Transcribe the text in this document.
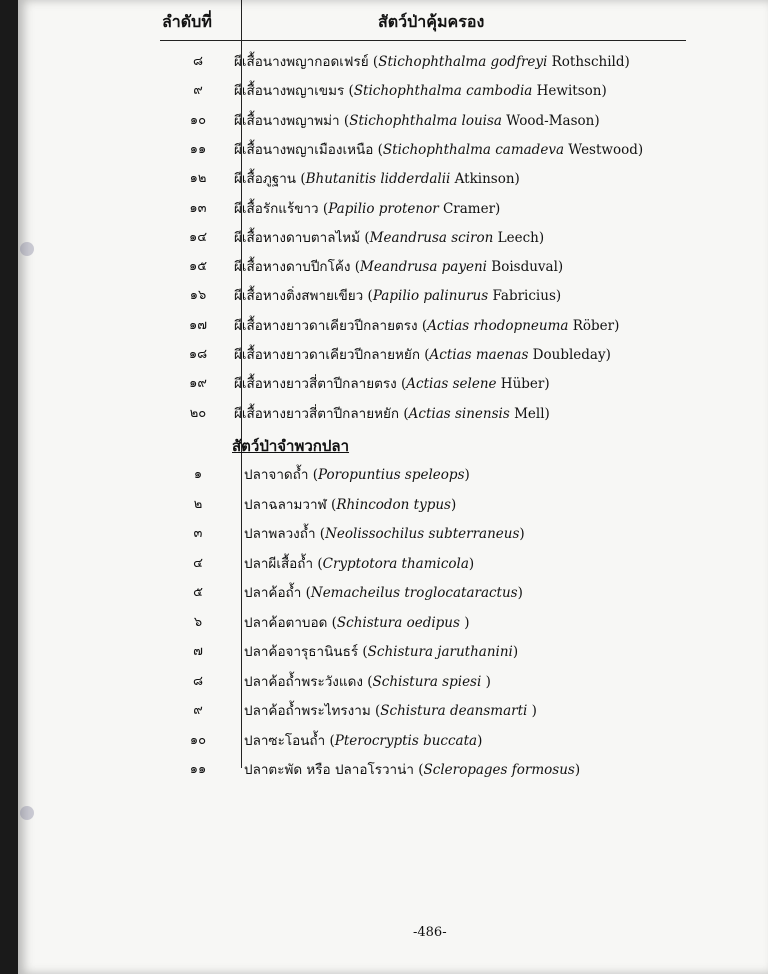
ลำดับที่	สัตว์ป่าคุ้มครอง
๘	ผีเสื้อนางพญากอดเฟรย์ (Stichophthalma godfreyi Rothschild)
๙	ผีเสื้อนางพญาเขมร (Stichophthalma cambodia Hewitson)
๑๐	ผีเสื้อนางพญาพม่า (Stichophthalma louisa Wood-Mason)
๑๑	ผีเสื้อนางพญาเมืองเหนือ (Stichophthalma camadeva Westwood)
๑๒	ผีเสื้อภูฐาน (Bhutanitis lidderdalii Atkinson)
๑๓	ผีเสื้อรักแร้ขาว (Papilio protenor Cramer)
๑๔	ผีเสื้อหางดาบตาลไหม้ (Meandrusa sciron Leech)
๑๕	ผีเสื้อหางดาบปีกโค้ง (Meandrusa payeni Boisduval)
๑๖	ผีเสื้อหางติ่งสพายเขียว (Papilio palinurus Fabricius)
๑๗	ผีเสื้อหางยาวดาเคียวปีกลายตรง (Actias rhodopneuma Röber)
๑๘	ผีเสื้อหางยาวดาเคียวปีกลายหยัก (Actias maenas Doubleday)
๑๙	ผีเสื้อหางยาวสี่ตาปีกลายตรง (Actias selene Hüber)
๒๐	ผีเสื้อหางยาวสี่ตาปีกลายหยัก (Actias sinensis Mell)
สัตว์ป่าจำพวกปลา
๑	ปลาจาดถ้ำ (Poropuntius speleops)
๒	ปลาฉลามวาฬ (Rhincodon typus)
๓	ปลาพลวงถ้ำ (Neolissochilus subterraneus)
๔	ปลาผีเสื้อถ้ำ (Cryptotora thamicola)
๕	ปลาค้อถ้ำ (Nemacheilus troglocataractus)
๖	ปลาค้อตาบอด (Schistura oedipus )
๗	ปลาค้อจารุธานินธร์ (Schistura jaruthanini)
๘	ปลาค้อถ้ำพระวังแดง (Schistura spiesi )
๙	ปลาค้อถ้ำพระไทรงาม (Schistura deansmarti )
๑๐	ปลาซะโอนถ้ำ (Pterocryptis buccata)
๑๑	ปลาตะพัด หรือ ปลาอโรวาน่า (Scleropages formosus)
-486-
